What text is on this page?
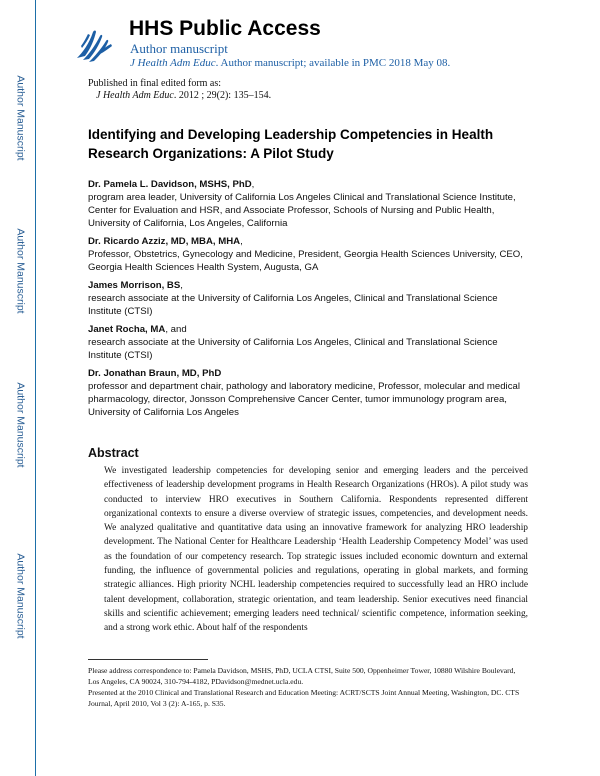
Author Manuscript
Author Manuscript
Author Manuscript
Author Manuscript
HHS Public Access
Author manuscript
J Health Adm Educ. Author manuscript; available in PMC 2018 May 08.
Published in final edited form as:
J Health Adm Educ. 2012 ; 29(2): 135–154.
Identifying and Developing Leadership Competencies in Health Research Organizations: A Pilot Study
Dr. Pamela L. Davidson, MSHS, PhD,
program area leader, University of California Los Angeles Clinical and Translational Science Institute, Center for Evaluation and HSR, and Associate Professor, Schools of Nursing and Public Health, University of California, Los Angeles, California
Dr. Ricardo Azziz, MD, MBA, MHA,
Professor, Obstetrics, Gynecology and Medicine, President, Georgia Health Sciences University, CEO, Georgia Health Sciences Health System, Augusta, GA
James Morrison, BS,
research associate at the University of California Los Angeles, Clinical and Translational Science Institute (CTSI)
Janet Rocha, MA, and
research associate at the University of California Los Angeles, Clinical and Translational Science Institute (CTSI)
Dr. Jonathan Braun, MD, PhD
professor and department chair, pathology and laboratory medicine, Professor, molecular and medical pharmacology, director, Jonsson Comprehensive Cancer Center, tumor immunology program area, University of California Los Angeles
Abstract
We investigated leadership competencies for developing senior and emerging leaders and the perceived effectiveness of leadership development programs in Health Research Organizations (HROs). A pilot study was conducted to interview HRO executives in Southern California. Respondents represented different organizational contexts to ensure a diverse overview of strategic issues, competencies, and development needs. We analyzed qualitative and quantitative data using an innovative framework for analyzing HRO leadership development. The National Center for Healthcare Leadership ‘Health Leadership Competency Model’ was used as the foundation of our competency research. Top strategic issues included economic downturn and external funding, the influence of governmental policies and regulations, operating in global markets, and forming strategic alliances. High priority NCHL leadership competencies required to successfully lead an HRO include talent development, collaboration, strategic orientation, and team leadership. Senior executives need financial skills and scientific achievement; emerging leaders need technical/ scientific competence, information seeking, and a strong work ethic. About half of the respondents
Please address correspondence to: Pamela Davidson, MSHS, PhD, UCLA CTSI, Suite 500, Oppenheimer Tower, 10880 Wilshire Boulevard, Los Angeles, CA 90024, 310-794-4182, PDavidson@mednet.ucla.edu.
Presented at the 2010 Clinical and Translational Research and Education Meeting: ACRT/SCTS Joint Annual Meeting, Washington, DC. CTS Journal, April 2010, Vol 3 (2): A-165, p. S35.
